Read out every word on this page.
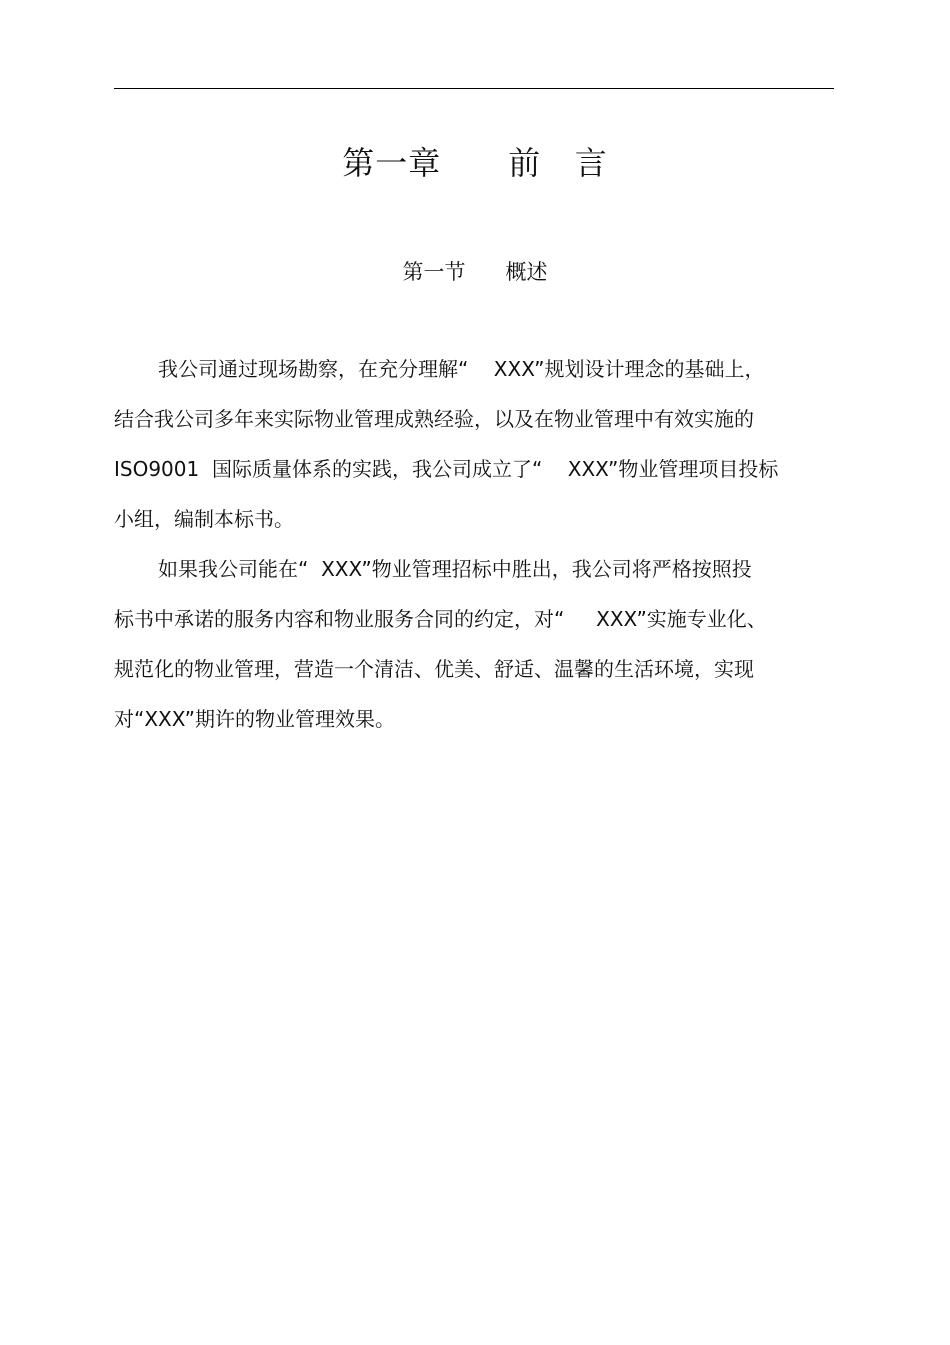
第一章      前   言
第一节      概述
我公司通过现场勘察，在充分理解“    XXX”规划设计理念的基础上，
结合我公司多年来实际物业管理成熟经验，以及在物业管理中有效实施的
ISO9001  国际质量体系的实践，我公司成立了“    XXX”物业管理项目投标
小组，编制本标书。
如果我公司能在“  XXX”物业管理招标中胜出，我公司将严格按照投
标书中承诺的服务内容和物业服务合同的约定，对“     XXX”实施专业化、
规范化的物业管理，营造一个清洁、优美、舒适、温馨的生活环境，实现
对“XXX”期许的物业管理效果。
